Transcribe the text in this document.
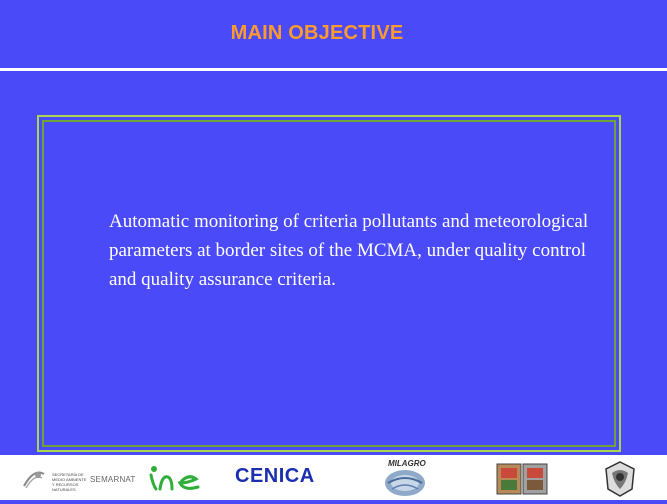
MAIN OBJECTIVE
Automatic monitoring of criteria pollutants and meteorological parameters at border sites of the MCMA, under quality control and quality assurance criteria.
SECRETARÍA DE MEDIO AMBIENTE Y RECURSOS NATURALES
SEMARNAT	CENICA
MILAGRO
